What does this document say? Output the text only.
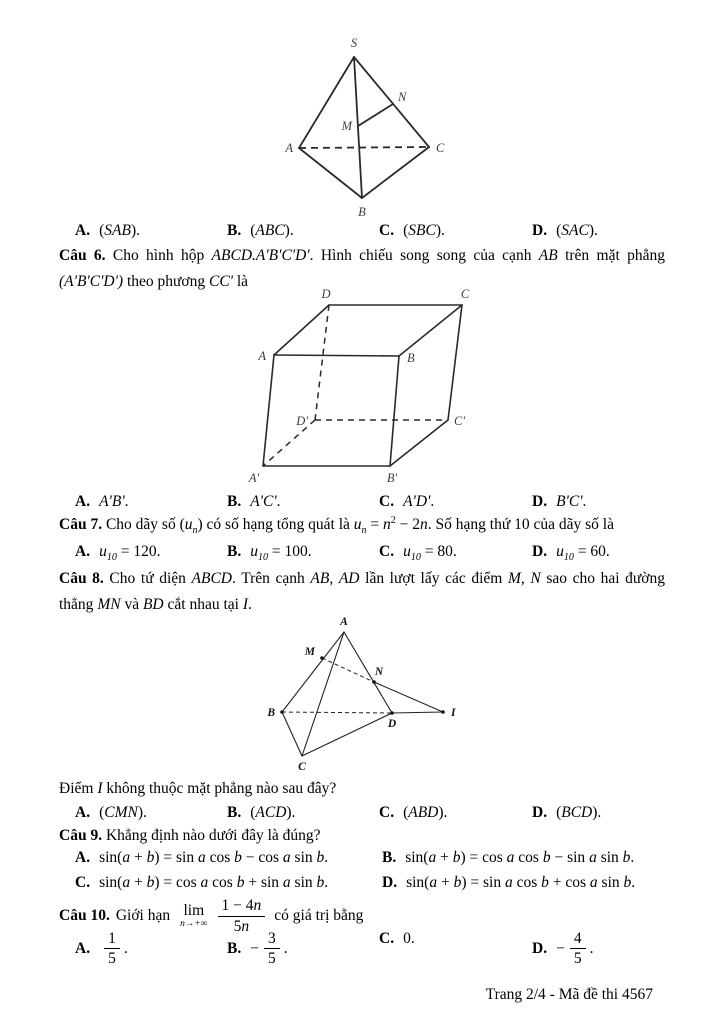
S
N
M
A	C
B
A. (SAB).	B. (ABC).	C. (SBC).	D. (SAC).

Câu 6. Cho hình hộp ABCD.A'B'C'D'. Hình chiếu song song của cạnh AB trên mặt phẳng (A'B'C'D') theo phương CC' là

D	C
A	B
D'	C'
A'	B'
A. A'B'.	B. A'C'.	C. A'D'.	D. B'C'.
Câu 7. Cho dãy số $(u_n)$ có số hạng tổng quát là $u_n = n^2 - 2n$. Số hạng thứ 10 của dãy số là
A. $u_{10} = 120$.	B. $u_{10} = 100$.	C. $u_{10} = 80$.	D. $u_{10} = 60$.

Câu 8. Cho tứ diện ABCD. Trên cạnh AB, AD lần lượt lấy các điểm M, N sao cho hai đường thẳng MN và BD cắt nhau tại I.

A
M
N
B
D
I
C
Điểm I không thuộc mặt phẳng nào sau đây?
A. (CMN).	B. (ACD).	C. (ABD).	D. (BCD).
Câu 9. Khẳng định nào dưới đây là đúng?
A. sin(a + b) = sin a cos b − cos a sin b.	B. sin(a + b) = cos a cos b − sin a sin b.
C. sin(a + b) = cos a cos b + sin a sin b.	D. sin(a + b) = sin a cos b + cos a sin b.
Câu 10. Giới hạn lim
$n\to+\infty \frac{1 - 4n}{5n}$ có giá trị bằng
A. $\frac{1}{5}$ .	B. − $\frac{3}{5}$ .
C. 0.
D. − $\frac{4}{5}$ .
Trang 2/4 - Mã đề thi 4567
